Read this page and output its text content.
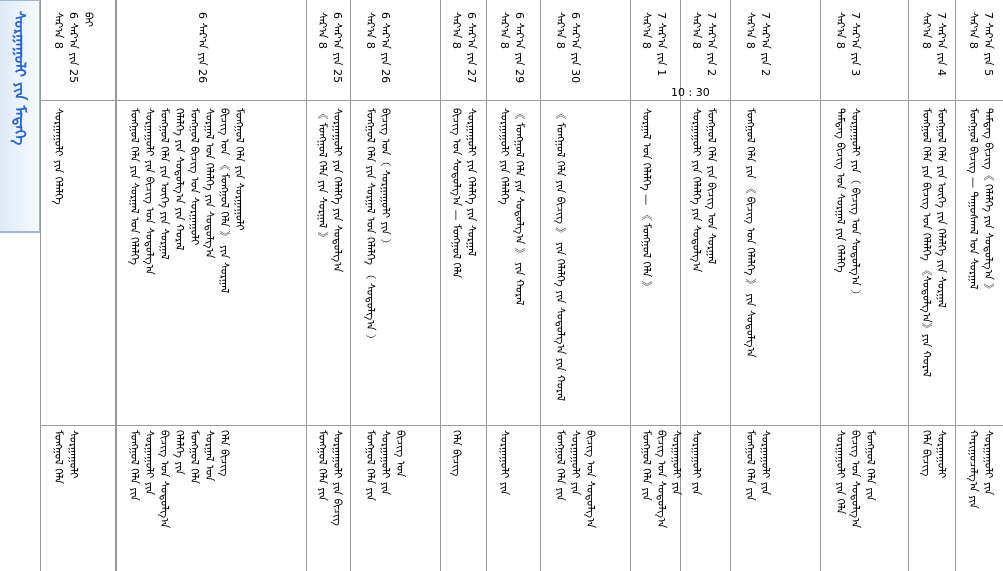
ᠰᠤᠷᠭᠠᠭᠤᠯᠢ ᠶᠢᠨ ᠮᠡᠳᠡᠭᠡ	ᠰᠠᠷ᠎ᠠ 8
7 ᠰᠠᠷ᠎ᠠ ᠶᠢᠨ 5
ᠮᠣᠩᠭᠣᠯ ᠪᠢᠴᠢᠭ — ᠳᠠᠭᠤᠰᠬᠠᠯ ᠤᠨ ᠰᠤᠷᠭᠠᠯ
ᠲᠡᠮᠳᠡᠭ ᠪᠢᠴᠢᠭ《 ᠬᠡᠯᠡᠯᠭᠡ ᠶᠢᠨ ᠰᠤᠳᠤᠯᠭ᠎ᠠ 》
ᠬᠠᠷᠢᠭᠤᠴᠠᠯᠭ᠎ᠠ ᠶᠢᠨ
ᠰᠤᠷᠭᠠᠭᠤᠯᠢ ᠶᠢᠨ
ᠰᠠᠷ᠎ᠠ 8
7 ᠰᠠᠷ᠎ᠠ ᠶᠢᠨ 4
ᠮᠣᠩᠭᠣᠯ ᠬᠡᠯᠡ ᠶᠢᠨ ᠪᠢᠴᠢᠭ ᠤᠨ ᠬᠡᠯᠡᠯᠭᠡ 《ᠰᠤᠳᠤᠯᠭ᠎ᠠ》ᠶᠢᠨ ᠬᠤᠷᠠᠯ
ᠮᠣᠩᠭᠣᠯ ᠬᠡᠯᠡ ᠶᠢᠨ ᠦᠭᠡ ᠶᠢᠨ ᠬᠡᠯᠡᠯᠭᠡ ᠶᠢᠨ ᠰᠤᠷᠭᠠᠯ
ᠬᠡᠯᠡ ᠪᠢᠴᠢᠭ
ᠰᠤᠷᠭᠠᠭᠤᠯᠢ
ᠰᠠᠷ᠎ᠠ 8
7 ᠰᠠᠷ᠎ᠠ ᠶᠢᠨ 3
ᠲᠡᠮᠳᠡᠭ ᠪᠢᠴᠢᠭ ᠤᠨ ᠰᠤᠷᠭᠠᠯ ᠶᠢᠨ ᠬᠡᠯᠡᠯᠭᠡ
ᠰᠤᠷᠭᠠᠭᠤᠯᠢ ᠶᠢᠨ（ ᠪᠢᠴᠢᠭ ᠤᠨ ᠰᠤᠳᠤᠯᠭ᠎ᠠ ）
ᠰᠤᠷᠭᠠᠭᠤᠯᠢ ᠶᠢᠨ ᠬᠡᠯᠡ
ᠪᠢᠴᠢᠭ ᠤᠨ ᠰᠤᠳᠤᠯᠭ᠎ᠠ
ᠮᠣᠩᠭᠣᠯ ᠬᠡᠯᠡ ᠶᠢᠨ
ᠰᠠᠷ᠎ᠠ 8
7 ᠰᠠᠷ᠎ᠠ ᠶᠢᠨ 2
ᠮᠣᠩᠭᠣᠯ ᠬᠡᠯᠡ ᠶᠢᠨ 《 ᠪᠢᠴᠢᠭ ᠤᠨ ᠬᠡᠯᠡᠯᠭᠡ 》 ᠶᠢᠨ ᠰᠤᠳᠤᠯᠭ᠎ᠠ
ᠮᠣᠩᠭᠣᠯ ᠬᠡᠯᠡ ᠶᠢᠨ
ᠰᠤᠷᠭᠠᠭᠤᠯᠢ ᠶᠢᠨ
ᠰᠠᠷ᠎ᠠ 8
7 ᠰᠠᠷ᠎ᠠ ᠶᠢᠨ 2
10 : 30
ᠰᠤᠷᠭᠠᠭᠤᠯᠢ ᠶᠢᠨ ᠬᠡᠯᠡᠯᠭᠡ ᠶᠢᠨ ᠰᠤᠳᠤᠯᠭ᠎ᠠ
ᠮᠣᠩᠭᠣᠯ ᠬᠡᠯᠡ ᠶᠢᠨ ᠪᠢᠴᠢᠭ ᠤᠨ ᠰᠤᠷᠭᠠᠯ
ᠰᠤᠷᠭᠠᠭᠤᠯᠢ ᠶᠢᠨ
ᠰᠠᠷ᠎ᠠ 8
7 ᠰᠠᠷ᠎ᠠ ᠶᠢᠨ 1
ᠰᠤᠷᠭᠠᠯ ᠤᠨ ᠬᠡᠯᠡᠯᠭᠡ — 《 ᠮᠣᠩᠭᠣᠯ ᠬᠡᠯᠡ 》
ᠮᠣᠩᠭᠣᠯ ᠬᠡᠯᠡ ᠶᠢᠨ
ᠪᠢᠴᠢᠭ ᠤᠨ ᠰᠤᠳᠤᠯᠭ᠎ᠠ
ᠰᠤᠷᠭᠠᠭᠤᠯᠢ ᠶᠢᠨ
ᠰᠠᠷ᠎ᠠ 8
6 ᠰᠠᠷ᠎ᠠ ᠶᠢᠨ 30
《 ᠮᠣᠩᠭᠣᠯ ᠬᠡᠯᠡ ᠶᠢᠨ ᠪᠢᠴᠢᠭ 》 ᠶᠢᠨ ᠬᠡᠯᠡᠯᠭᠡ ᠶᠢᠨ ᠰᠤᠳᠤᠯᠭ᠎ᠠ ᠶᠢᠨ ᠬᠤᠷᠠᠯ
ᠮᠣᠩᠭᠣᠯ ᠬᠡᠯᠡ ᠶᠢᠨ
ᠰᠤᠷᠭᠠᠭᠤᠯᠢ ᠶᠢᠨ
ᠪᠢᠴᠢᠭ ᠤᠨ ᠰᠤᠳᠤᠯᠭ᠎ᠠ
ᠰᠠᠷ᠎ᠠ 8
6 ᠰᠠᠷ᠎ᠠ ᠶᠢᠨ 29
ᠰᠤᠷᠭᠠᠭᠤᠯᠢ ᠶᠢᠨ ᠬᠡᠯᠡᠯᠭᠡ
《 ᠮᠣᠩᠭᠣᠯ ᠬᠡᠯᠡ ᠶᠢᠨ ᠰᠤᠳᠤᠯᠭ᠎ᠠ 》 ᠶᠢᠨ ᠬᠤᠷᠠᠯ
ᠰᠤᠷᠭᠠᠭᠤᠯᠢ ᠶᠢᠨ
ᠰᠠᠷ᠎ᠠ 8
6 ᠰᠠᠷ᠎ᠠ ᠶᠢᠨ 27
ᠪᠢᠴᠢᠭ ᠤᠨ ᠰᠤᠳᠤᠯᠭ᠎ᠠ — ᠮᠣᠩᠭᠣᠯ ᠬᠡᠯᠡ
ᠰᠤᠷᠭᠠᠭᠤᠯᠢ ᠶᠢᠨ ᠬᠡᠯᠡᠯᠭᠡ ᠶᠢᠨ ᠰᠤᠷᠭᠠᠯ
ᠬᠡᠯᠡ ᠪᠢᠴᠢᠭ
ᠰᠠᠷ᠎ᠠ 8
6 ᠰᠠᠷ᠎ᠠ ᠶᠢᠨ 26
ᠮᠣᠩᠭᠣᠯ ᠬᠡᠯᠡ ᠶᠢᠨ ᠰᠤᠷᠭᠠᠯ ᠤᠨ ᠬᠡᠯᠡᠯᠭᠡ （ ᠰᠤᠳᠤᠯᠭ᠎ᠠ ）
ᠪᠢᠴᠢᠭ ᠤᠨ（ ᠰᠤᠷᠭᠠᠭᠤᠯᠢ ᠶᠢᠨ ）
ᠮᠣᠩᠭᠣᠯ ᠬᠡᠯᠡ ᠶᠢᠨ
ᠰᠤᠷᠭᠠᠭᠤᠯᠢ ᠶᠢᠨ
ᠪᠢᠴᠢᠭ ᠤᠨ
ᠰᠠᠷ᠎ᠠ 8
6 ᠰᠠᠷ᠎ᠠ ᠶᠢᠨ 25
《 ᠮᠣᠩᠭᠣᠯ ᠬᠡᠯᠡ ᠶᠢᠨ ᠰᠤᠷᠭᠠᠯ 》
ᠰᠤᠷᠭᠠᠭᠤᠯᠢ ᠶᠢᠨ ᠬᠡᠯᠡᠯᠭᠡ ᠶᠢᠨ ᠰᠤᠳᠤᠯᠭ᠎ᠠ
ᠮᠣᠩᠭᠣᠯ ᠬᠡᠯᠡ ᠶᠢᠨ
ᠰᠤᠷᠭᠠᠭᠤᠯᠢ ᠶᠢᠨ ᠪᠢᠴᠢᠭ
6 ᠰᠠᠷ᠎ᠠ ᠶᠢᠨ 26
ᠮᠣᠩᠭᠣᠯ ᠬᠡᠯᠡ ᠶᠢᠨ ᠰᠤᠷᠭᠠᠯ ᠤᠨ ᠬᠡᠯᠡᠯᠭᠡ
ᠰᠤᠷᠭᠠᠭᠤᠯᠢ ᠶᠢᠨ ᠪᠢᠴᠢᠭ ᠤᠨ ᠰᠤᠳᠤᠯᠭ᠎ᠠ
ᠮᠣᠩᠭᠣᠯ ᠬᠡᠯᠡ ᠶᠢᠨ ᠦᠭᠡ ᠶᠢᠨ ᠰᠤᠷᠭᠠᠯ
ᠬᠡᠯᠡᠯᠭᠡ ᠶᠢᠨ ᠰᠤᠳᠤᠯᠭ᠎ᠠ ᠶᠢᠨ ᠬᠤᠷᠠᠯ
ᠮᠣᠩᠭᠣᠯ ᠪᠢᠴᠢᠭ ᠤᠨ ᠰᠤᠷᠭᠠᠭᠤᠯᠢ
ᠰᠤᠷᠭᠠᠯ ᠤᠨ ᠬᠡᠯᠡᠯᠭᠡ ᠶᠢᠨ ᠰᠤᠳᠤᠯᠭ᠎ᠠ
ᠪᠢᠴᠢᠭ ᠤᠨ 《 ᠮᠣᠩᠭᠣᠯ ᠬᠡᠯᠡ 》 ᠶᠢᠨ ᠰᠤᠷᠭᠠᠯ
ᠮᠣᠩᠭᠣᠯ ᠬᠡᠯᠡ ᠶᠢᠨ ᠰᠤᠷᠭᠠᠭᠤᠯᠢ
ᠮᠣᠩᠭᠣᠯ ᠬᠡᠯᠡ ᠶᠢᠨ
ᠰᠤᠷᠭᠠᠭᠤᠯᠢ ᠶᠢᠨ
ᠪᠢᠴᠢᠭ ᠤᠨ ᠰᠤᠳᠤᠯᠭ᠎ᠠ
ᠬᠡᠯᠡᠯᠭᠡ ᠶᠢᠨ
ᠮᠣᠩᠭᠣᠯ ᠬᠡᠯᠡ
ᠰᠤᠷᠭᠠᠯ ᠤᠨ
ᠬᠡᠯᠡ ᠪᠢᠴᠢᠭ
ᠰᠠᠷ᠎ᠠ 8
6 ᠰᠠᠷ᠎ᠠ ᠶᠢᠨ 25
ᠪᠠᠢ
ᠰᠤᠷᠭᠠᠭᠤᠯᠢ ᠶᠢᠨ ᠬᠡᠯᠡᠯᠭᠡ
ᠮᠣᠩᠭᠣᠯ ᠬᠡᠯᠡ
ᠰᠤᠷᠭᠠᠭᠤᠯᠢ
